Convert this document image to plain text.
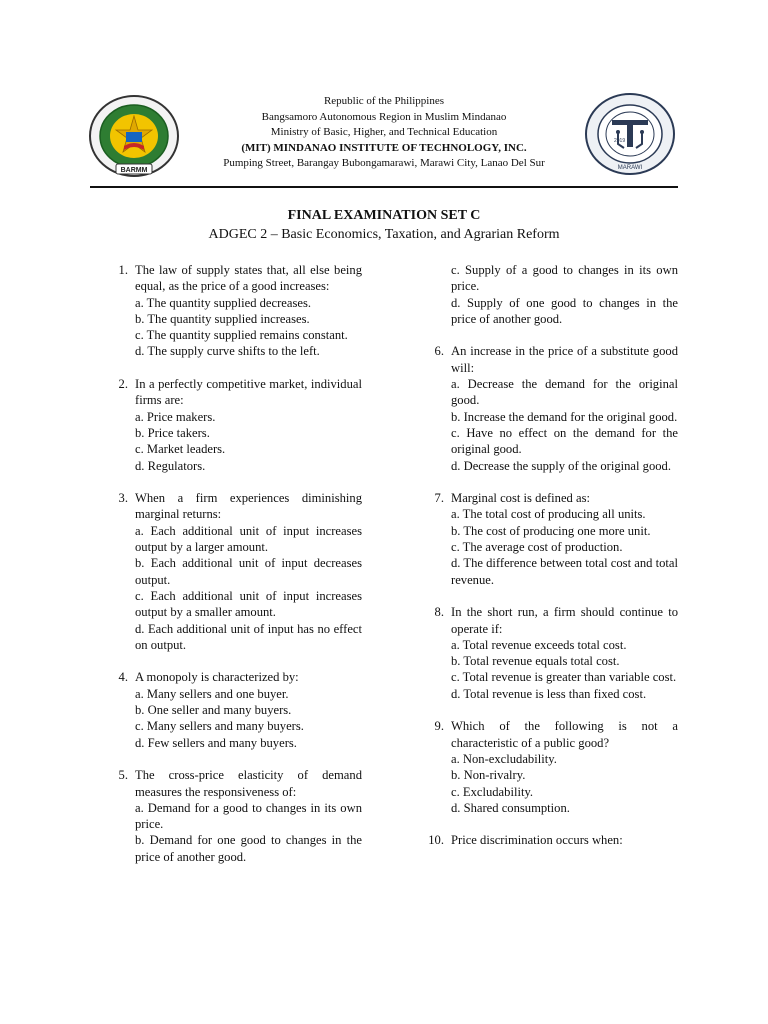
BARMM
Republic of the Philippines
Bangsamoro Autonomous Region in Muslim Mindanao
Ministry of Basic, Higher, and Technical Education
(MIT) MINDANAO INSTITUTE OF TECHNOLOGY, INC.
Pumping Street, Barangay Bubongamarawi, Marawi City, Lanao Del Sur
2019
MARAWI
FINAL EXAMINATION SET C
ADGEC 2 – Basic Economics, Taxation, and Agrarian Reform
1. The law of supply states that, all else being equal, as the price of a good increases:
a. The quantity supplied decreases.
b. The quantity supplied increases.
c. The quantity supplied remains constant.
d. The supply curve shifts to the left.
2. In a perfectly competitive market, individual firms are:
a. Price makers.
b. Price takers.
c. Market leaders.
d. Regulators.
3. When a firm experiences diminishing marginal returns:
a. Each additional unit of input increases output by a larger amount.
b. Each additional unit of input decreases output.
c. Each additional unit of input increases output by a smaller amount.
d. Each additional unit of input has no effect on output.
4. A monopoly is characterized by:
a. Many sellers and one buyer.
b. One seller and many buyers.
c. Many sellers and many buyers.
d. Few sellers and many buyers.
5. The cross-price elasticity of demand measures the responsiveness of:
a. Demand for a good to changes in its own price.
b. Demand for one good to changes in the price of another good.
c. Supply of a good to changes in its own price.
d. Supply of one good to changes in the price of another good.
6. An increase in the price of a substitute good will:
a. Decrease the demand for the original good.
b. Increase the demand for the original good.
c. Have no effect on the demand for the original good.
d. Decrease the supply of the original good.
7. Marginal cost is defined as:
a. The total cost of producing all units.
b. The cost of producing one more unit.
c. The average cost of production.
d. The difference between total cost and total revenue.
8. In the short run, a firm should continue to operate if:
a. Total revenue exceeds total cost.
b. Total revenue equals total cost.
c. Total revenue is greater than variable cost.
d. Total revenue is less than fixed cost.
9. Which of the following is not a characteristic of a public good?
a. Non-excludability.
b. Non-rivalry.
c. Excludability.
d. Shared consumption.
10. Price discrimination occurs when:
